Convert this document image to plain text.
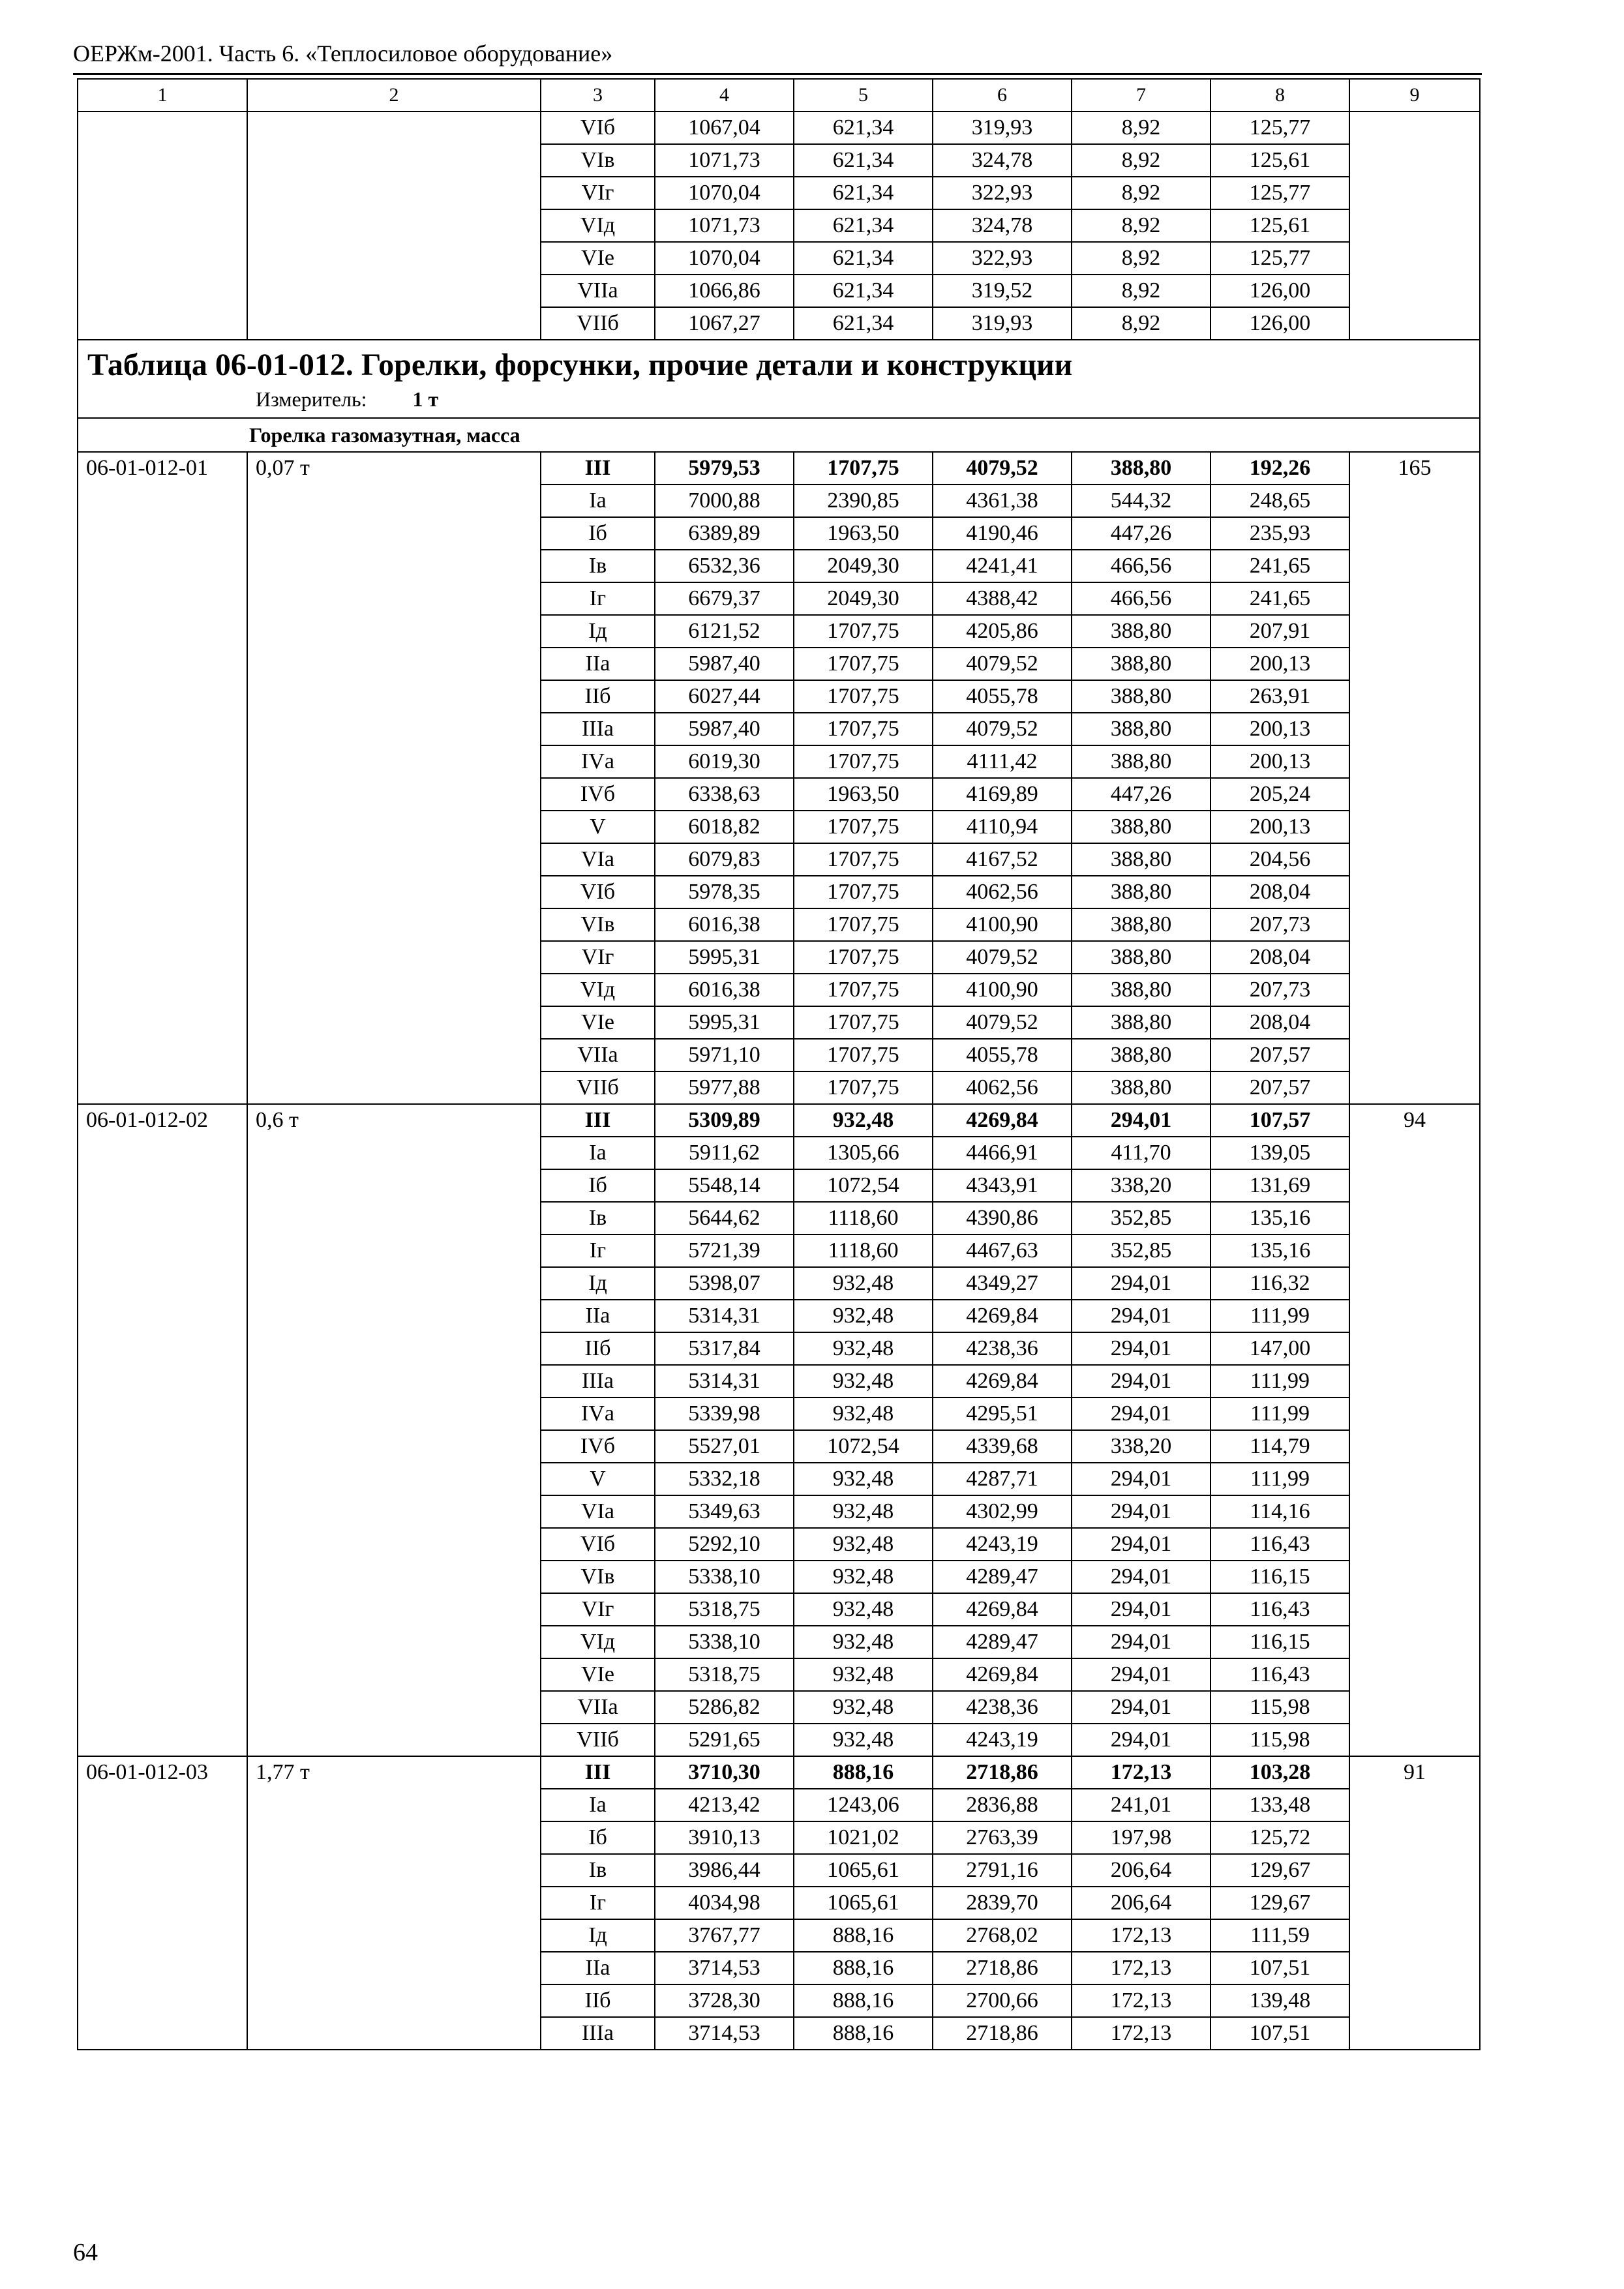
ОЕРЖм-2001. Часть 6. «Теплосиловое оборудование»
1	2	3	4	5	6	7	8	9
		VIб	1067,04	621,34	319,93	8,92	125,77	
		VIв	1071,73	621,34	324,78	8,92	125,61	
		VIг	1070,04	621,34	322,93	8,92	125,77	
		VIд	1071,73	621,34	324,78	8,92	125,61	
		VIе	1070,04	621,34	322,93	8,92	125,77	
		VIIа	1066,86	621,34	319,52	8,92	126,00	
		VIIб	1067,27	621,34	319,93	8,92	126,00	

Таблица 06-01-012. Горелки, форсунки, прочие детали и конструкции
Измеритель: 1 т								

Горелка газомазутная, масса								
06-01-012-01	0,07 т	III	5979,53	1707,75	4079,52	388,80	192,26	165
		Iа	7000,88	2390,85	4361,38	544,32	248,65	
		Iб	6389,89	1963,50	4190,46	447,26	235,93	
		Iв	6532,36	2049,30	4241,41	466,56	241,65	
		Iг	6679,37	2049,30	4388,42	466,56	241,65	
		Iд	6121,52	1707,75	4205,86	388,80	207,91	
		IIа	5987,40	1707,75	4079,52	388,80	200,13	
		IIб	6027,44	1707,75	4055,78	388,80	263,91	
		IIIа	5987,40	1707,75	4079,52	388,80	200,13	
		IVа	6019,30	1707,75	4111,42	388,80	200,13	
		IVб	6338,63	1963,50	4169,89	447,26	205,24	
		V	6018,82	1707,75	4110,94	388,80	200,13	
		VIа	6079,83	1707,75	4167,52	388,80	204,56	
		VIб	5978,35	1707,75	4062,56	388,80	208,04	
		VIв	6016,38	1707,75	4100,90	388,80	207,73	
		VIг	5995,31	1707,75	4079,52	388,80	208,04	
		VIд	6016,38	1707,75	4100,90	388,80	207,73	
		VIе	5995,31	1707,75	4079,52	388,80	208,04	
		VIIа	5971,10	1707,75	4055,78	388,80	207,57	
		VIIб	5977,88	1707,75	4062,56	388,80	207,57	
06-01-012-02	0,6 т	III	5309,89	932,48	4269,84	294,01	107,57	94
		Iа	5911,62	1305,66	4466,91	411,70	139,05	
		Iб	5548,14	1072,54	4343,91	338,20	131,69	
		Iв	5644,62	1118,60	4390,86	352,85	135,16	
		Iг	5721,39	1118,60	4467,63	352,85	135,16	
		Iд	5398,07	932,48	4349,27	294,01	116,32	
		IIа	5314,31	932,48	4269,84	294,01	111,99	
		IIб	5317,84	932,48	4238,36	294,01	147,00	
		IIIа	5314,31	932,48	4269,84	294,01	111,99	
		IVа	5339,98	932,48	4295,51	294,01	111,99	
		IVб	5527,01	1072,54	4339,68	338,20	114,79	
		V	5332,18	932,48	4287,71	294,01	111,99	
		VIа	5349,63	932,48	4302,99	294,01	114,16	
		VIб	5292,10	932,48	4243,19	294,01	116,43	
		VIв	5338,10	932,48	4289,47	294,01	116,15	
		VIг	5318,75	932,48	4269,84	294,01	116,43	
		VIд	5338,10	932,48	4289,47	294,01	116,15	
		VIе	5318,75	932,48	4269,84	294,01	116,43	
		VIIа	5286,82	932,48	4238,36	294,01	115,98	
		VIIб	5291,65	932,48	4243,19	294,01	115,98	
06-01-012-03	1,77 т	III	3710,30	888,16	2718,86	172,13	103,28	91
		Iа	4213,42	1243,06	2836,88	241,01	133,48	
		Iб	3910,13	1021,02	2763,39	197,98	125,72	
		Iв	3986,44	1065,61	2791,16	206,64	129,67	
		Iг	4034,98	1065,61	2839,70	206,64	129,67	
		Iд	3767,77	888,16	2768,02	172,13	111,59	
		IIа	3714,53	888,16	2718,86	172,13	107,51	
		IIб	3728,30	888,16	2700,66	172,13	139,48	
		IIIа	3714,53	888,16	2718,86	172,13	107,51	
64
